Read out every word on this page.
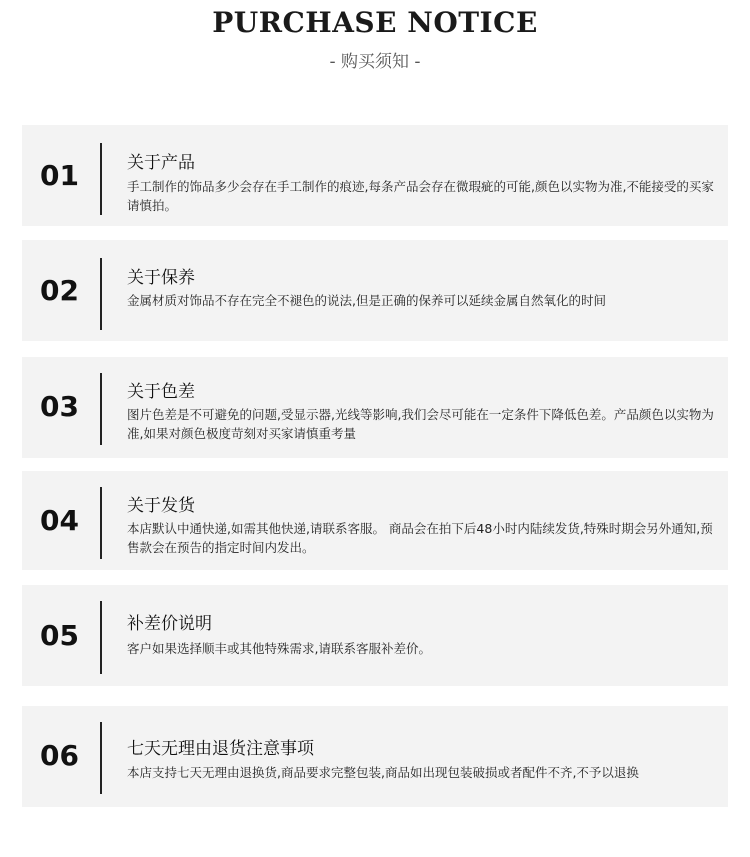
PURCHASE NOTICE
- 购买须知 -
01	关于产品
手工制作的饰品多少会存在手工制作的痕迹,每条产品会存在微瑕疵的可能,颜色以实物为准,不能接受的买家请慎拍。
02	关于保养
金属材质对饰品不存在完全不褪色的说法,但是正确的保养可以延续金属自然氧化的时间
03	关于色差
图片色差是不可避免的问题,受显示器,光线等影响,我们会尽可能在一定条件下降低色差。产品颜色以实物为准,如果对颜色极度苛刻对买家请慎重考量
04	关于发货
本店默认中通快递,如需其他快递,请联系客服。 商品会在拍下后48小时内陆续发货,特殊时期会另外通知,预售款会在预告的指定时间内发出。
05	补差价说明
客户如果选择顺丰或其他特殊需求,请联系客服补差价。
06	七天无理由退货注意事项
本店支持七天无理由退换货,商品要求完整包装,商品如出现包装破损或者配件不齐,不予以退换
